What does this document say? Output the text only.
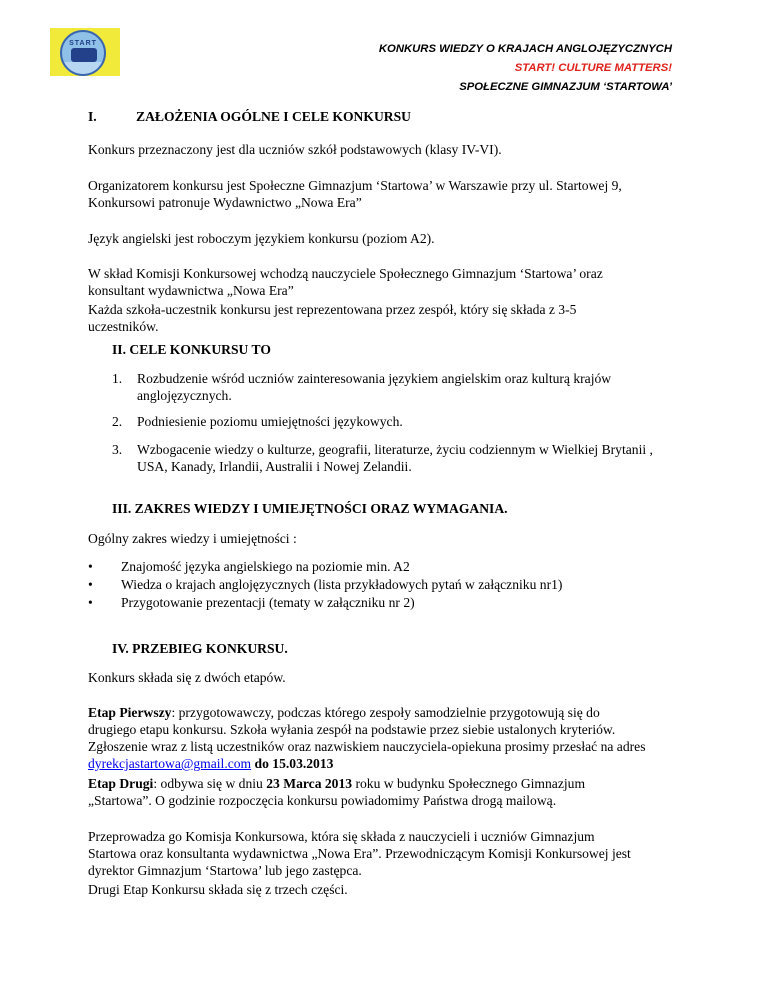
START	KONKURS WIEDZY O KRAJACH ANGLOJĘZYCZNYCH
START! CULTURE MATTERS!
SPOŁECZNE GIMNAZJUM ‘STARTOWA’
I.	ZAŁOŻENIA OGÓLNE I CELE KONKURSU

Konkurs przeznaczony jest dla uczniów szkół podstawowych (klasy IV-VI).

Organizatorem konkursu jest Społeczne Gimnazjum ‘Startowa’ w Warszawie przy ul. Startowej 9,
Konkursowi patronuje Wydawnictwo „Nowa Era”

Język angielski jest roboczym językiem konkursu (poziom A2).

W skład Komisji Konkursowej wchodzą nauczyciele Społecznego Gimnazjum ‘Startowa’ oraz
konsultant wydawnictwa „Nowa Era”
Każda szkoła-uczestnik konkursu jest reprezentowana przez zespół, który się składa z 3-5
uczestników.
II. CELE KONKURSU TO
1. Rozbudzenie wśród uczniów zainteresowania językiem angielskim oraz kulturą krajów
anglojęzycznych.
2. Podniesienie poziomu umiejętności językowych.
3. Wzbogacenie wiedzy o kulturze, geografii, literaturze, życiu codziennym w Wielkiej Brytanii ,
USA, Kanady, Irlandii, Australii i Nowej Zelandii.
III. ZAKRES WIEDZY I UMIEJĘTNOŚCI ORAZ WYMAGANIA.

Ogólny zakres wiedzy i umiejętności :

• Znajomość języka angielskiego na poziomie min. A2
• Wiedza o krajach anglojęzycznych (lista przykładowych pytań w załączniku nr1)
• Przygotowanie prezentacji (tematy w załączniku nr 2)
IV. PRZEBIEG KONKURSU.

Konkurs składa się z dwóch etapów.

Etap Pierwszy: przygotowawczy, podczas którego zespoły samodzielnie przygotowują się do
drugiego etapu konkursu. Szkoła wyłania zespół na podstawie przez siebie ustalonych kryteriów.
Zgłoszenie wraz z listą uczestników oraz nazwiskiem nauczyciela-opiekuna prosimy przesłać na adres
dyrekcjastartowa@gmail.com do 15.03.2013
Etap Drugi: odbywa się w dniu 23 Marca 2013 roku w budynku Społecznego Gimnazjum
„Startowa”. O godzinie rozpoczęcia konkursu powiadomimy Państwa drogą mailową.
Przeprowadza go Komisja Konkursowa, która się składa z nauczycieli i uczniów Gimnazjum
Startowa oraz konsultanta wydawnictwa „Nowa Era”. Przewodniczącym Komisji Konkursowej jest
dyrektor Gimnazjum ‘Startowa’ lub jego zastępca.

Drugi Etap Konkursu składa się z trzech części.
